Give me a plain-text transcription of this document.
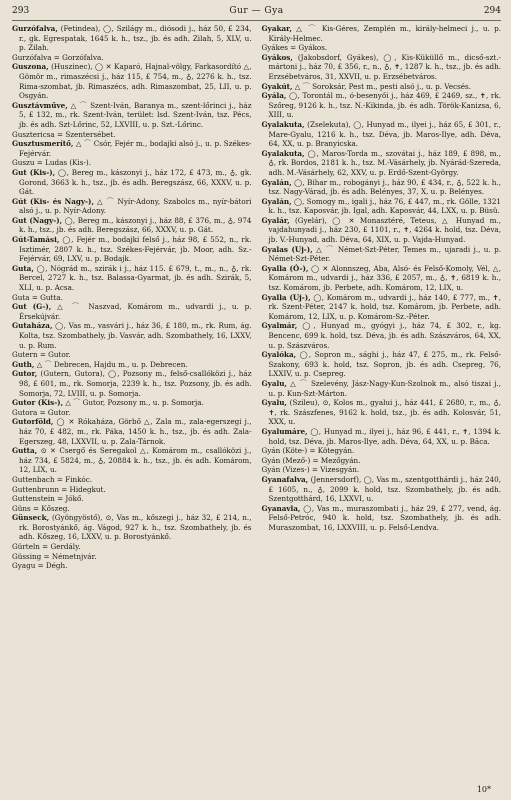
293	Gur — Gya	294
Gurzófalva, (Fetindea), ◯, Szilágy m., diósodi j., ház 50, £ 234, r., gk. Egrespatak, 1645 k. h., tsz., jb. és adh. Zilah, 5, XLV, u. p. Zilah.
Gurzófalva = Gorzófalva.
Guszona, (Huszinec), ◯ ✕ Kaparó, Hajnal-völgy, Farkasordító △, Gömör m., rimaszécsi j., ház 115, £ 754, m., ♁, 2276 k. h., tsz. Rima-szombat, jb. Rimaszécs, adh. Rimaszombat, 25, LII, u. p. Osgyán.
Gusztávműve, △ ⌒ Szent-Iván, Baranya m., szent-lőrinci j., ház 5, £ 132, m., rk. Szent-Iván, terület: lsd. Szent-Iván, tsz. Pécs, jb. és adh. Szt-Lőrinc, 52, LXVIII, u. p. Szt.-Lőrinc.
Gusztericsa = Szentersébet.
Gusztusmerítő, △ ⌒ Csór, Fejér m., bodajki alsó j., u. p. Székes-Fejérvár.
Guszu = Ludas (Kis-).
Gut (Kis-), ◯, Bereg m., kászonyi j., ház 172, £ 473, m., ♁, gk. Gorond, 3663 k. h., tsz., jb. és adh. Beregszász, 66, XXXV, u. p. Gát.
Gút (Kis- és Nagy-), △ ⌒ Nyír-Adony, Szabolcs m., nyír-bátori alsó j., u. p. Nyír-Adony.
Gut (Nagy-), ◯, Bereg m., kászonyi j., ház 88, £ 376, m., ♁, 974 k. h., tsz., jb. és adh. Beregszász, 66, XXXV, u. p. Gát.
Gút-Tamási, ◯, Fejér m., bodajki felső j., ház 98, £ 552, n., rk. Isztimér, 2807 k. h., tsz. Székes-Fejérvár, jb. Moor, adh. Sz.-Fejérvár, 69, LXV, u. p. Bodajk.
Guta, ◯, Nógrád m., szirák i j., ház 115. £ 679, t., m., n., ♁, rk. Bercel, 2727 k. h., tsz. Balassa-Gyarmat, jb. és adh. Szirák, 5, XLI, u. p. Acsa.
Guta = Gutta.
Gut (G-), △ ⌒ Naszvad, Komárom m., udvardi j., u. p. Érsekújvár.
Gutaháza, ◯, Vas m., vasvári j., ház 36, £ 180, m., rk. Rum, ág. Kolta, tsz. Szombathely, jb. Vasvár, adh. Szombathely, 16, LXXV, u. p. Rum.
Gutern = Gutor.
Guth, △ ⌒ Debrecen, Hajdu m., u. p. Debrecen.
Gutor, (Gutern, Gutora), ◯, Pozsony m., felső-csallóközi j., ház 98, £ 601, m., rk. Somorja, 2239 k. h., tsz. Pozsony, jb. és adh. Somorja, 72, LVIII, u. p. Somorja.
Gutor (Kis-), △ ⌒ Gutor, Pozsony m., u. p. Somorja.
Gutora = Gutor.
Gutorföld, ◯ ✕ Rókaháza, Görbő △, Zala m., zala-egerszegi j., ház 70, £ 482, m., rk. Páka, 1450 k. h., tsz., jb. és adh. Zala-Egerszeg, 48, LXXVII, u. p. Zala-Tárnok.
Gutta, ⊙ ✕ Csergő és Seregakol △, Komárom m., csallóközi j., ház 734, £ 5824, m., ♁, 20884 k. h., tsz., jb. és adh. Komárom, 12, LIX, u.
Guttenbach = Finkóc.
Guttenbrunn = Hidegkut.
Guttenstein = Jókő.
Güns = Kőszeg.
Günseck, (Gyöngyöstő), ⊙, Vas m., kőszegi j., ház 32, £ 214, n., rk. Borostyánkő, ág. Vágod, 927 k. h., tsz. Szombathely, jb. és adh. Kőszeg, 16, LXXV, u. p. Borostyánkő.
Gürteln = Gerdály.
Güssing = Németnjvár.
Gyagu = Dégh.
Gyakar, △ ⌒ Kis-Géres, Zemplén m., király-helmeci j., u. p. Király-Helmec.
Gyákes = Gyákos.
Gyákos, (Jakobsdorf, Gyákes), ◯, Kis-Küküllő m., dicső-szt.-mártoni j., ház 70, £ 356, r., n., ♁, ✝, 1287 k. h., tsz., jb. és adh. Erzsébetváros, 31, XXVII, u. p. Erzsébetváros.
Gyakút, △ ⌒ Soroksár, Pest m., pesti alsó j., u. p. Vecsés.
Gyála, ◯, Torontál m., ó-besenyői j., ház 469, £ 2469, sz., ✝, rk. Szőreg, 9126 k. h., tsz. N.-Kikinda, jb. és adh. Török-Kanizsa, 6, XIII, u.
Gyalakuta, (Zselekuta), ◯, Hunyad m., ilyei j., ház 65, £ 301, r., Mare-Gyalu, 1216 k. h., tsz. Déva, jb. Maros-Ilye, adh. Déva, 64, XX, u. p. Branyicska.
Gyalakuta, ◯, Maros-Torda m., szovátai j., ház 189, £ 898, m., ♁, rk. Bordos, 2181 k. h., tsz. M.-Vásárhely, jb. Nyárád-Szereda, adh. M.-Vásárhely, 62, XXV, u. p. Erdő-Szent-György.
Gyalán, ◯, Bihar m., robogányi j., ház 90, £ 434, r., ♁, 522 k. h., tsz. Nagy-Várad, jb. és adh. Belényes, 37, X, u. p. Belényes.
Gyalán, ◯, Somogy m., igali j., ház 76, £ 447, m., rk. Gölle, 1321 k. h., tsz. Kaposvár, jb. Igal, adh. Kaposvár, 44, LXX, u. p. Büsü.
Gyalár, (Gyelár), ◯ ✕ Monasztéré, Teteus, △ Hunyad m., vajdahunyadi j., ház 230, £ 1101, r., ✝, 4264 k. hold, tsz. Déva, jb. V.-Hunyad, adh. Déva, 64, XIX, u. p. Vajda-Hunyad.
Gyalas (Uj-), △ ⌒ Német-Szt-Péter, Temes m., ujaradi j., u. p. Német-Szt-Péter.
Gyalla (Ó-), ◯ ✕ Alonnszeg, Aba, Alsó- és Felső-Komoly, Vél, △, Komárom m., udvardi j., ház 336, £ 2057, m., ♁, ✝, 6819 k. h., tsz. Komárom, jb. Perbete, adh. Komárom, 12, LIX, u.
Gyalla (Uj-), ◯, Komárom m., udvardi j., ház 140, £ 777, m., ✝, rk. Szent-Péter, 2147 k. hold, tsz. Komárom, jb. Perbete, adh. Komárom, 12, LIX, u. p. Komárom-Sz.-Péter.
Gyalmár, ◯, Hunyad m., gyógyi j., ház 74, £ 302, r., kg. Bencenc, 699 k. hold, tsz. Déva, jb. és adh. Szászváros, 64, XX, u. p. Szászváros.
Gyalóka, ◯, Sopron m., sághi j., ház 47, £ 275, m., rk. Felső-Szakony, 693 k. hold, tsz. Sopron, jb. és adh. Csepreg, 76, LXXIV, u. p. Csepreg.
Gyalu, △ ⌒ Szelevény, Jász-Nagy-Kun-Szolnok m., alsó tiszai j., u. p. Kun-Szt-Márton.
Gyalu, (Szileu), ⊙, Kolos m., gyalui j., ház 441, £ 2680, r., m., ♁, ✝, rk. Szászfenes, 9162 k. hold, tsz., jb. és adh. Kolosvár, 51, XXX, u.
Gyalumáre, ◯, Hunyad m., ilyei j., ház 96, £ 441, r., ✝, 1394 k. hold, tsz. Déva, jb. Maros-Ilye, adh. Déva, 64, XX, u. p. Băca.
Gyán (Köte-) = Kötegyán.
Gyán (Mező-) = Mezőgyán.
Gyán (Vizes-) = Vizesgyán.
Gyanafalva, (Jennersdorf), ◯, Vas m., szentgotthárdi j., ház 240, £ 1605, n., ♁, 2099 k. hold, tsz. Szombathely, jb. és adh. Szentgotthárd, 16, LXXVI, u.
Gyanavla, ◯, Vas m., muraszombati j., ház 29, £ 277, vend, ág. Felső-Petróc, 940 k. hold, tsz. Szombathely, jb. és adh. Muraszombat, 16, LXXVIII, u. p. Felső-Lendva.
10*
